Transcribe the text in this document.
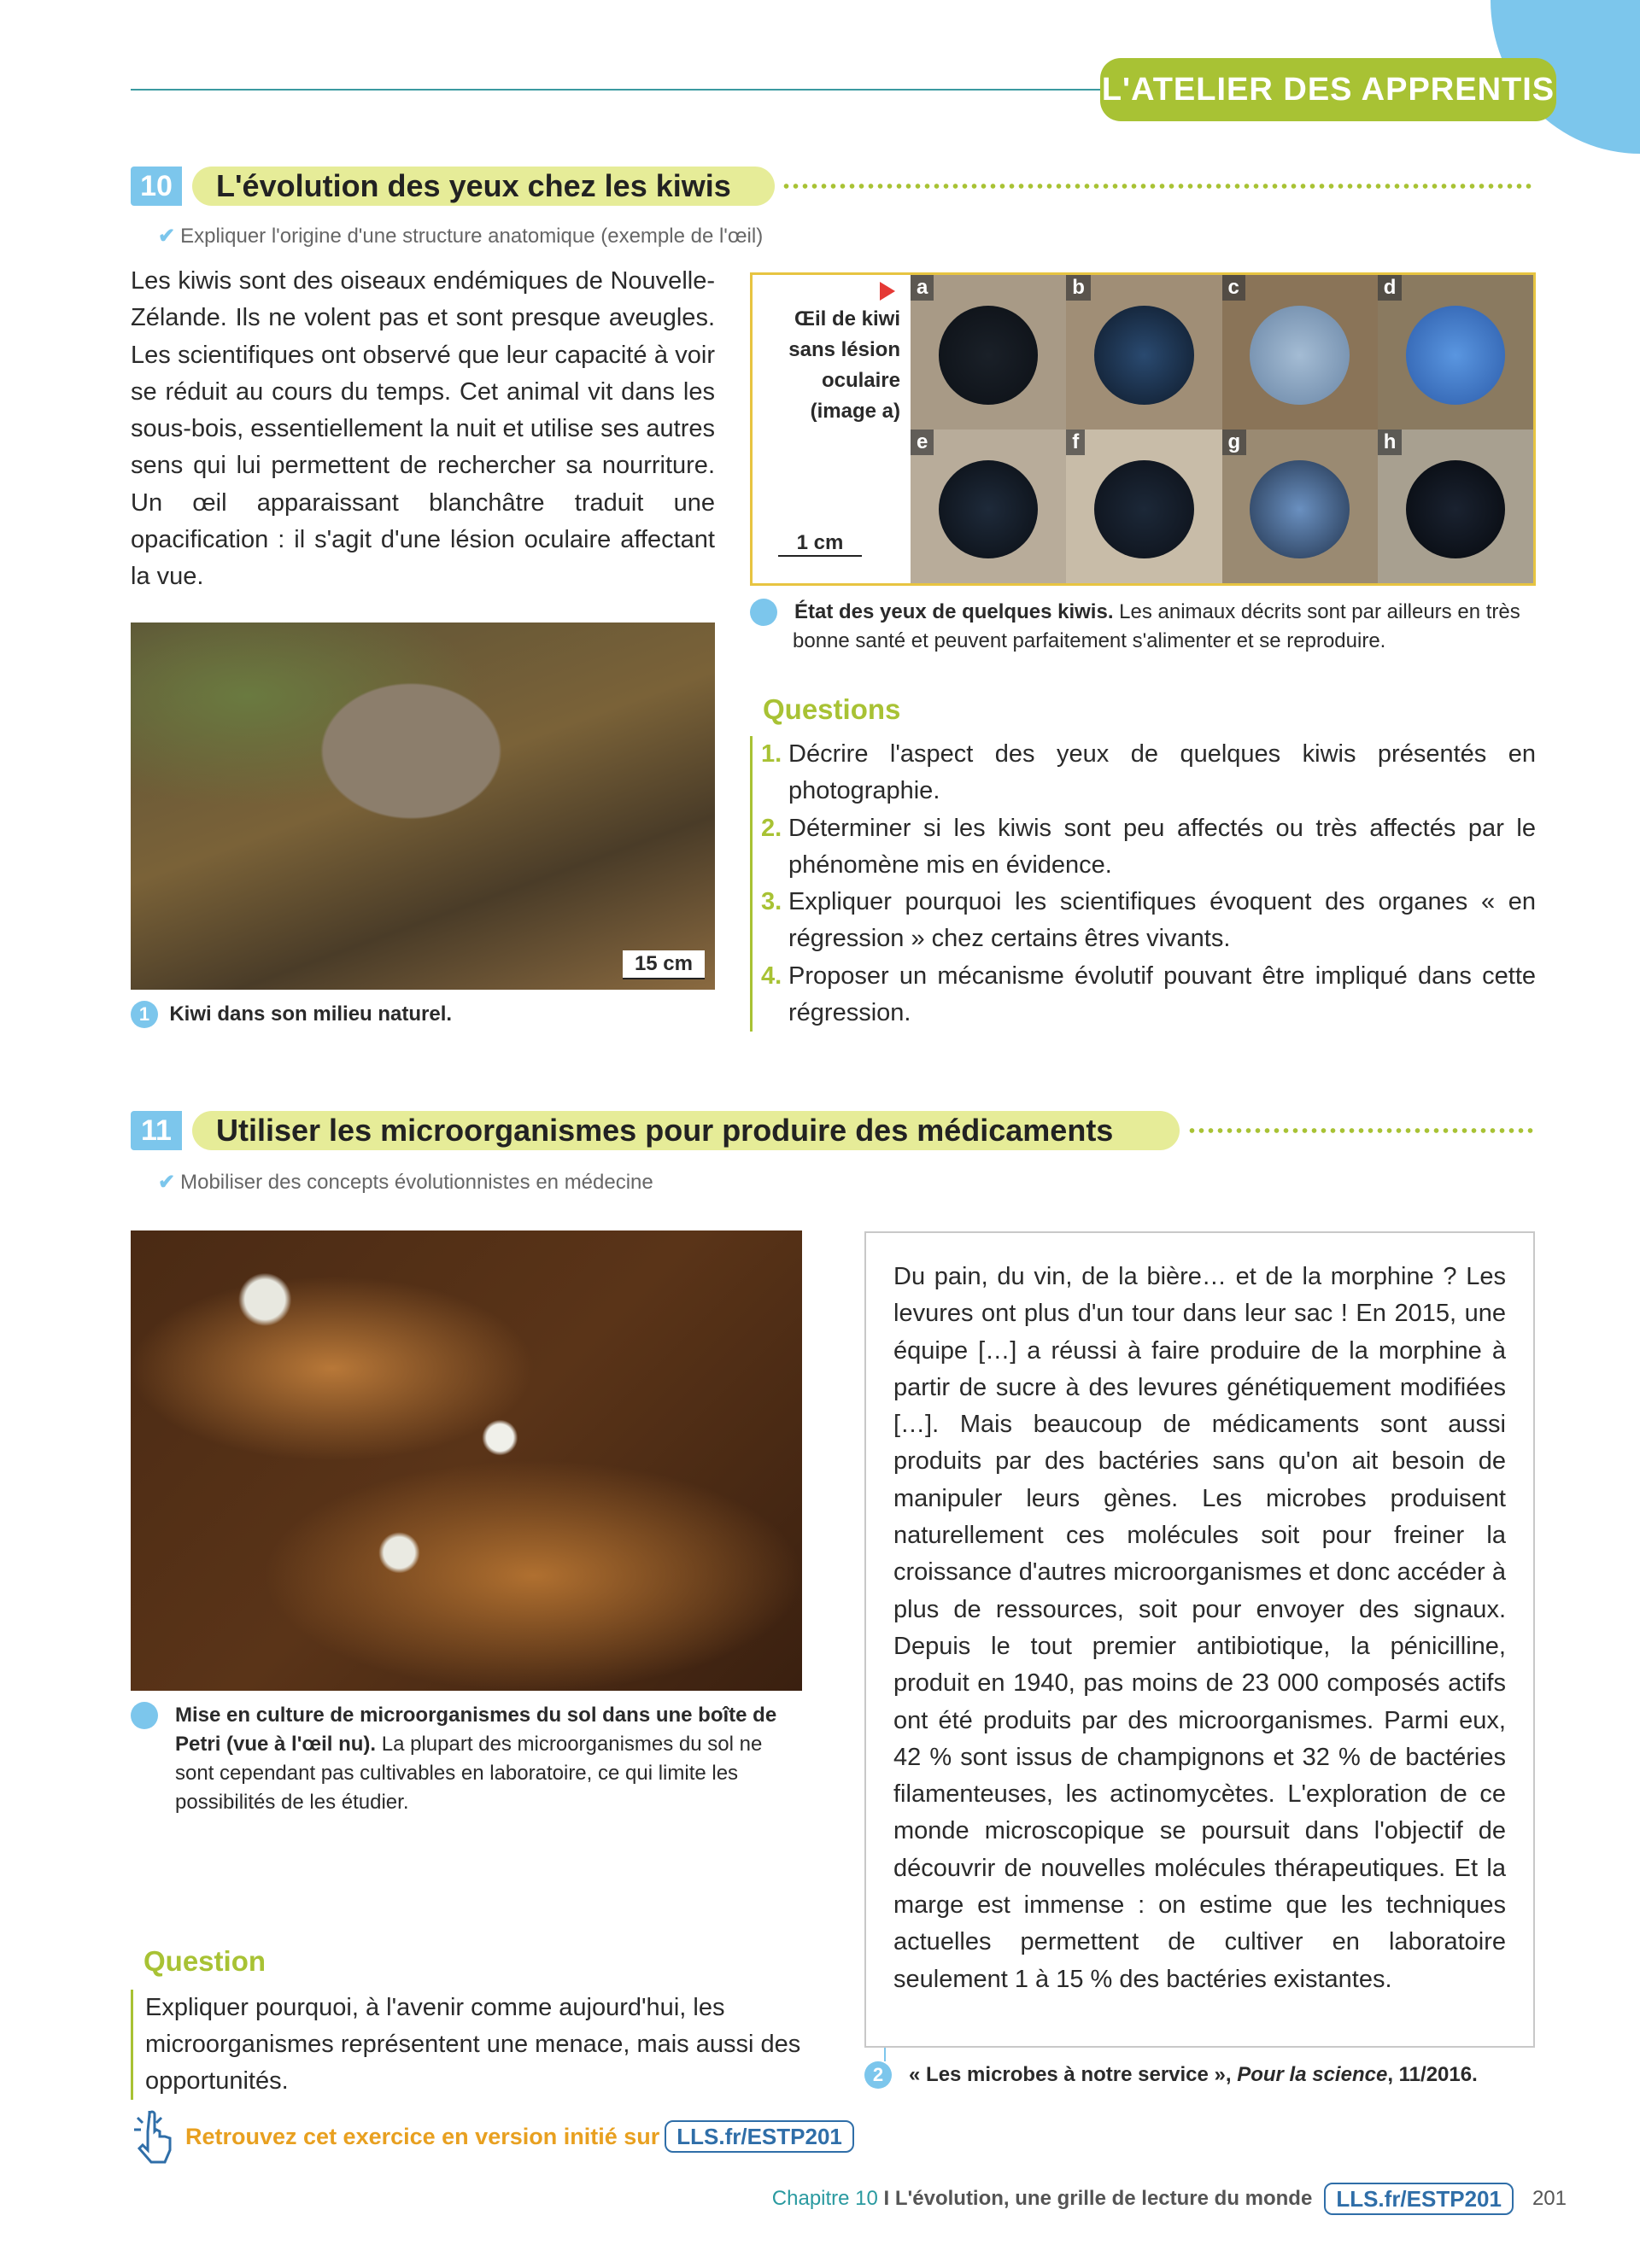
L'ATELIER DES APPRENTIS
10	L'évolution des yeux chez les kiwis
✔ Expliquer l'origine d'une structure anatomique (exemple de l'œil)

Les kiwis sont des oiseaux endémiques de Nouvelle-Zélande. Ils ne volent pas et sont presque aveugles. Les scientifiques ont observé que leur capacité à voir se réduit au cours du temps. Cet animal vit dans les sous-bois, essentiellement la nuit et utilise ses autres sens qui lui permettent de rechercher sa nourriture. Un œil apparaissant blanchâtre traduit une opacification : il s'agit d'une lésion oculaire affectant la vue.

15 cm
1 Kiwi dans son milieu naturel.
Œil de kiwi sans lésion oculaire (image a)
1 cm
a	b	c	d
e	f	g	h
2	État des yeux de quelques kiwis. Les animaux décrits sont par ailleurs en très bonne santé et peuvent parfaitement s'alimenter et se reproduire.
Questions
1. Décrire l'aspect des yeux de quelques kiwis présentés en photographie.
2. Déterminer si les kiwis sont peu affectés ou très affectés par le phénomène mis en évidence.
3. Expliquer pourquoi les scientifiques évoquent des organes « en régression » chez certains êtres vivants.
4. Proposer un mécanisme évolutif pouvant être impliqué dans cette régression.
11	Utiliser les microorganismes pour produire des médicaments
✔ Mobiliser des concepts évolutionnistes en médecine
1	Mise en culture de microorganismes du sol dans une boîte de Petri (vue à l'œil nu). La plupart des microorganismes du sol ne sont cependant pas cultivables en laboratoire, ce qui limite les possibilités de les étudier.
Question
Expliquer pourquoi, à l'avenir comme aujourd'hui, les microorganismes représentent une menace, mais aussi des opportunités.
Retrouvez cet exercice en version initié sur LLS.fr/ESTP201

Du pain, du vin, de la bière… et de la morphine ? Les levures ont plus d'un tour dans leur sac ! En 2015, une équipe […] a réussi à faire produire de la morphine à partir de sucre à des levures génétiquement modifiées […]. Mais beaucoup de médicaments sont aussi produits par des bactéries sans qu'on ait besoin de manipuler leurs gènes. Les microbes produisent naturellement ces molécules soit pour freiner la croissance d'autres microorganismes et donc accéder à plus de ressources, soit pour envoyer des signaux. Depuis le tout premier antibiotique, la pénicilline, produit en 1940, pas moins de 23 000 composés actifs ont été produits par des microorganismes. Parmi eux, 42 % sont issus de champignons et 32 % de bactéries filamenteuses, les actinomycètes. L'exploration de ce monde microscopique se poursuit dans l'objectif de découvrir de nouvelles molécules thérapeutiques. Et la marge est immense : on estime que les techniques actuelles permettent de cultiver en laboratoire seulement 1 à 15 % des bactéries existantes.

2 « Les microbes à notre service », Pour la science, 11/2016.
Chapitre 10 I L'évolution, une grille de lecture du monde	LLS.fr/ESTP201	201
